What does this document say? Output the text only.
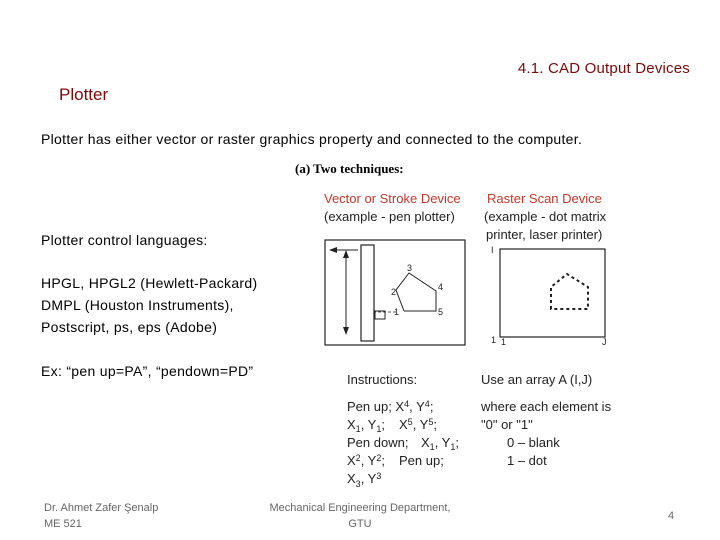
4.1. CAD Output Devices
Plotter
Plotter has either vector or raster graphics property and connected to the computer.
Plotter control languages:
HPGL, HPGL2 (Hewlett-Packard)
DMPL (Houston Instruments),
Postscript, ps, eps (Adobe)
Ex: “pen up=PA”, “pendown=PD”
(a) Two techniques:
Vector or Stroke Device
(example - pen plotter)
Raster Scan Device
(example - dot matrix
printer, laser printer)
3
2	4
1	5
I
1 1	J
Instructions:
Pen up; $X^4$, $Y^4$;
$X_1$, $Y_1$;
Pen down;
$X^2$, $Y^2$;
$X_3$, $Y^3$
$X^5$, $Y^5$;
$X_1$, $Y_1$;
Pen up;
Use an array A (I,J)
where each element is
"0" or "1"
0 – blank
1 – dot
Dr. Ahmet Zafer Şenalp
ME 521
Mechanical Engineering Department,
GTU
4
